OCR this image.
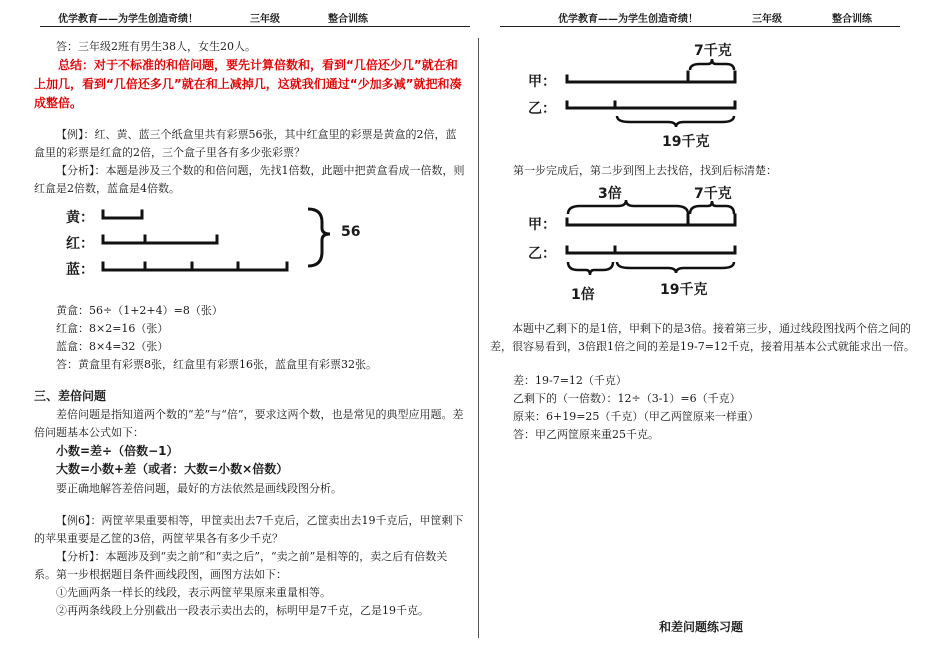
优学教育——为学生创造奇绩！	三年级	整合训练	优学教育——为学生创造奇绩！	三年级	整合训练
答：三年级2班有男生38人，女生20人。
总结：对于不标准的和倍问题，要先计算倍数和，看到“几倍还少几”就在和上加几，看到“几倍还多几”就在和上减掉几，这就我们通过“少加多减”就把和凑成整倍。
【例】：红、黄、蓝三个纸盒里共有彩票56张，其中红盒里的彩票是黄盒的2倍，蓝盒里的彩票是红盒的2倍，三个盒子里各有多少张彩票？
【分析】：本题是涉及三个数的和倍问题，先找1倍数，此题中把黄盒看成一倍数，则红盒是2倍数，蓝盒是4倍数。
黄：
红：
蓝：
56
黄盒：56÷（1+2+4）=8（张）
红盒：8×2=16（张）
蓝盒：8×4=32（张）
答：黄盒里有彩票8张，红盒里有彩票16张，蓝盒里有彩票32张。
三、差倍问题
差倍问题是指知道两个数的“差”与“倍”，要求这两个数，也是常见的典型应用题。差倍问题基本公式如下：
小数=差÷（倍数−1）
大数=小数+差（或者：大数=小数×倍数）
要正确地解答差倍问题，最好的方法依然是画线段图分析。
【例6】：两筐苹果重要相等，甲筐卖出去7千克后，乙筐卖出去19千克后，甲筐剩下的苹果重要是乙筐的3倍，两筐苹果各有多少千克？
【分析】：本题涉及到“卖之前”和“卖之后”，“卖之前”是相等的，卖之后有倍数关系。第一步根据题目条件画线段图，画图方法如下：
①先画两条一样长的线段，表示两筐苹果原来重量相等。
②再两条线段上分别截出一段表示卖出去的，标明甲是7千克，乙是19千克。
7千克
甲：
乙：
19千克
第一步完成后，第二步到图上去找倍，找到后标清楚：
3倍	7千克
甲：
乙：
1倍	19千克
本题中乙剩下的是1倍，甲剩下的是3倍。接着第三步，通过线段图找两个倍之间的差，很容易看到，3倍跟1倍之间的差是19-7=12千克，接着用基本公式就能求出一倍。
差：19-7=12（千克）
乙剩下的（一倍数）：12÷（3-1）=6（千克）
原来：6+19=25（千克）（甲乙两筐原来一样重）
答：甲乙两筐原来重25千克。
和差问题练习题
